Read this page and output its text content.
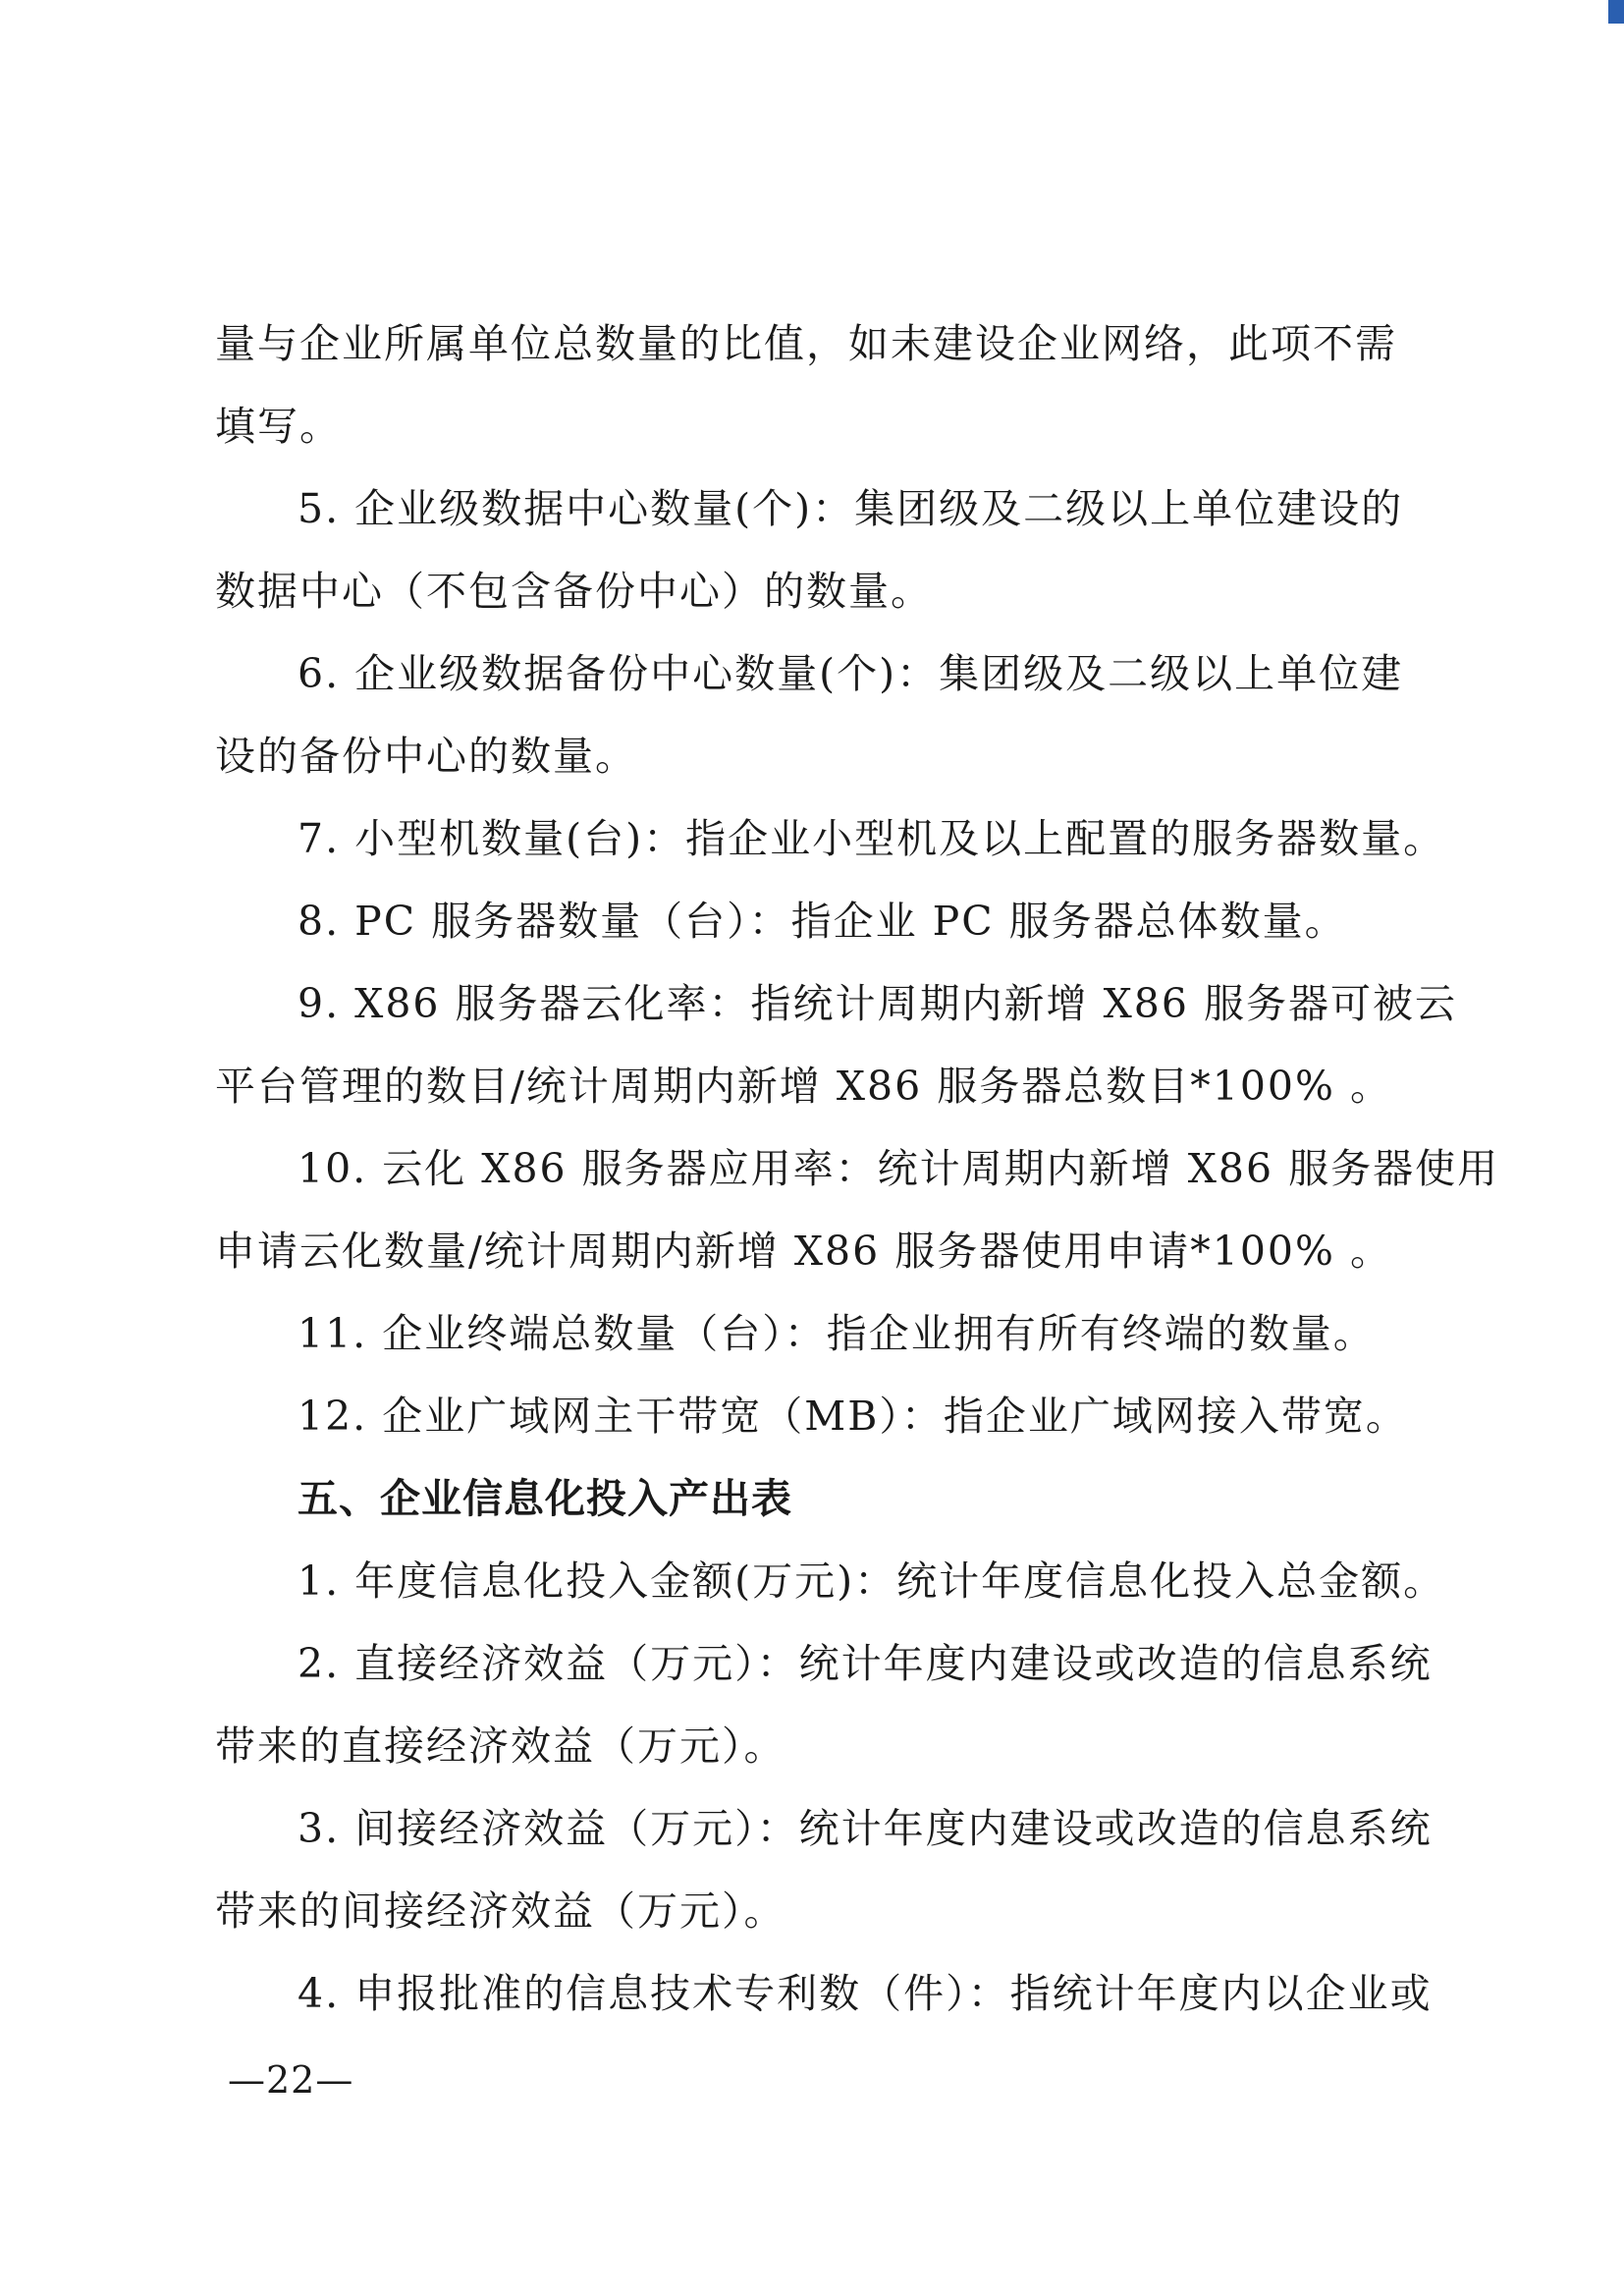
量与企业所属单位总数量的比值，如未建设企业网络，此项不需
填写。
5. 企业级数据中心数量(个)：集团级及二级以上单位建设的
数据中心（不包含备份中心）的数量。
6. 企业级数据备份中心数量(个)：集团级及二级以上单位建
设的备份中心的数量。
7. 小型机数量(台)：指企业小型机及以上配置的服务器数量。
8. PC 服务器数量（台）：指企业 PC 服务器总体数量。
9. X86 服务器云化率：指统计周期内新增 X86 服务器可被云
平台管理的数目/统计周期内新增 X86 服务器总数目*100% 。
10. 云化 X86 服务器应用率：统计周期内新增 X86 服务器使用
申请云化数量/统计周期内新增 X86 服务器使用申请*100% 。
11. 企业终端总数量（台）：指企业拥有所有终端的数量。
12. 企业广域网主干带宽（MB）：指企业广域网接入带宽。
五、企业信息化投入产出表
1. 年度信息化投入金额(万元)：统计年度信息化投入总金额。
2. 直接经济效益（万元）：统计年度内建设或改造的信息系统
带来的直接经济效益（万元）。
3. 间接经济效益（万元）：统计年度内建设或改造的信息系统
带来的间接经济效益（万元）。
4. 申报批准的信息技术专利数（件）：指统计年度内以企业或
—22—
